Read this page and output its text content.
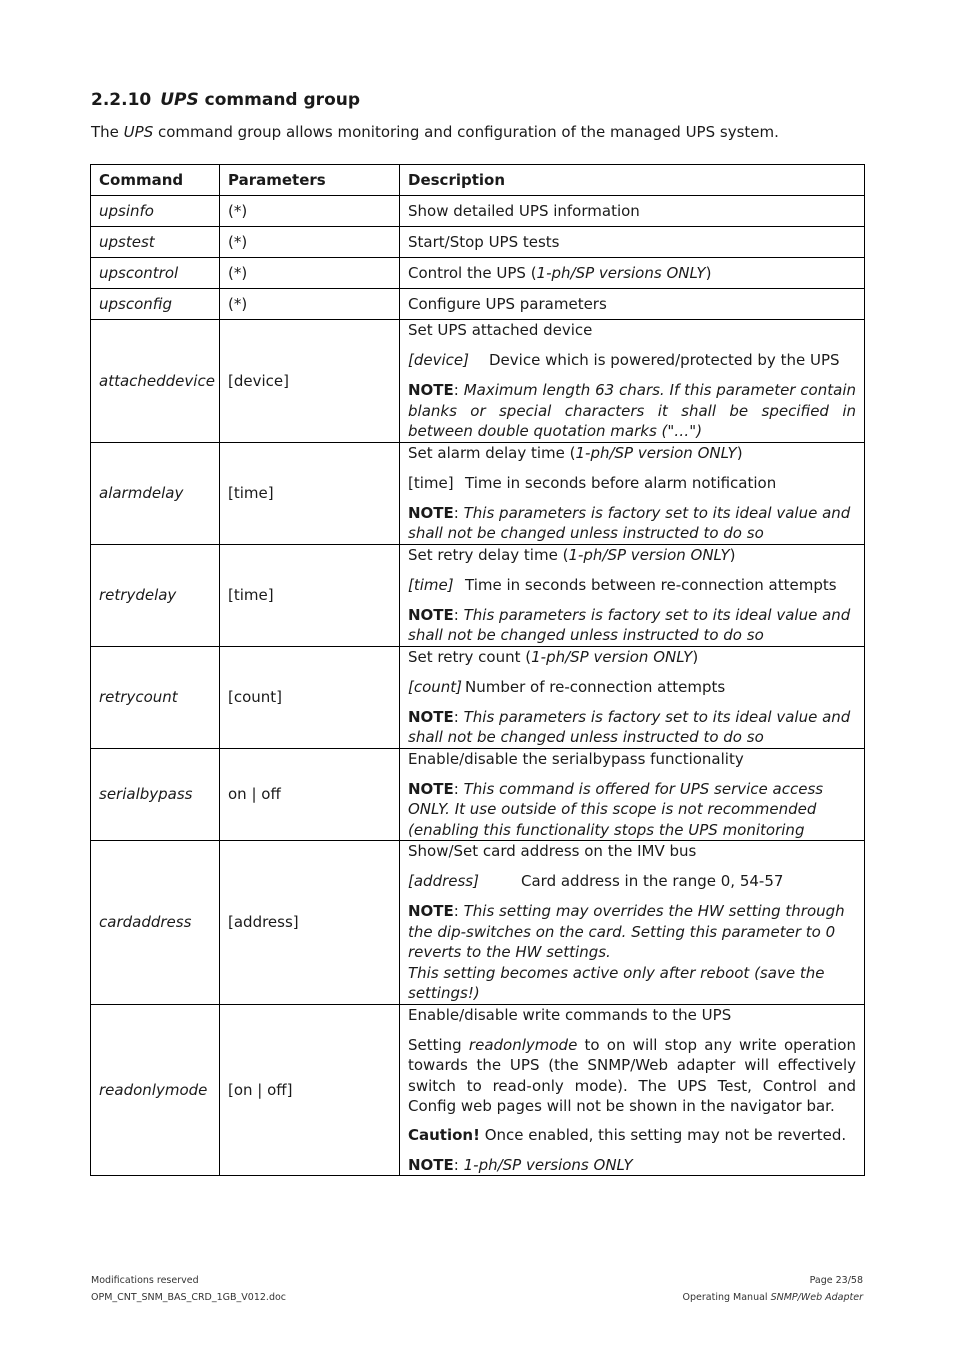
2.2.10 UPS command group
The UPS command group allows monitoring and configuration of the managed UPS system.
Command	Parameters	Description
upsinfo	(*)	Show detailed UPS information
upstest	(*)	Start/Stop UPS tests
upscontrol	(*)	Control the UPS (1-ph/SP versions ONLY)
upsconfig	(*)	Configure UPS parameters
attacheddevice	[device]	Set UPS attached device
[device] Device which is powered/protected by the UPS
NOTE: Maximum length 63 chars. If this parameter contain blanks or special characters it shall be specified in between double quotation marks ("…")

alarmdelay	[time]	Set alarm delay time (1-ph/SP version ONLY)
[time] Time in seconds before alarm notification
NOTE: This parameters is factory set to its ideal value and shall not be changed unless instructed to do so

retrydelay	[time]	Set retry delay time (1-ph/SP version ONLY)
[time] Time in seconds between re-connection attempts
NOTE: This parameters is factory set to its ideal value and shall not be changed unless instructed to do so

retrycount	[count]	Set retry count (1-ph/SP version ONLY)
[count] Number of re-connection attempts
NOTE: This parameters is factory set to its ideal value and shall not be changed unless instructed to do so

serialbypass	on | off	Enable/disable the serialbypass functionality
NOTE: This command is offered for UPS service access ONLY. It use outside of this scope is not recommended (enabling this functionality stops the UPS monitoring

cardaddress	[address]	Show/Set card address on the IMV bus
[address] Card address in the range 0, 54-57
NOTE: This setting may overrides the HW setting through the dip-switches on the card. Setting this parameter to 0 reverts to the HW settings.
This setting becomes active only after reboot (save the settings!)

readonlymode	[on | off]	Enable/disable write commands to the UPS
Setting readonlymode to on will stop any write operation towards the UPS (the SNMP/Web adapter will effectively switch to read-only mode). The UPS Test, Control and Config web pages will not be shown in the navigator bar.
Caution! Once enabled, this setting may not be reverted.
NOTE: 1-ph/SP versions ONLY
Modifications reserved
OPM_CNT_SNM_BAS_CRD_1GB_V012.doc
Page 23/58
Operating Manual SNMP/Web Adapter
